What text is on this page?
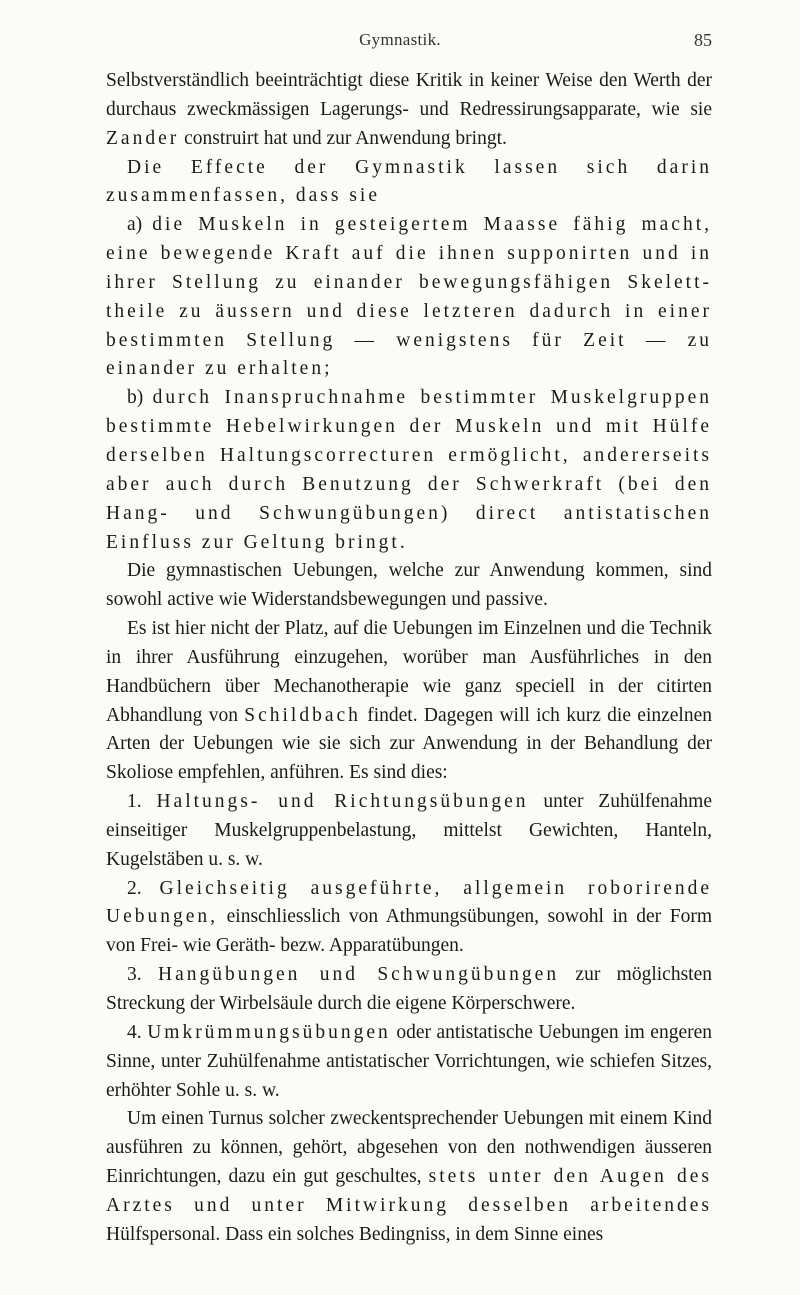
Gymnastik.	85

Selbstverständlich beeinträchtigt diese Kritik in keiner Weise den Werth der durchaus zweckmässigen Lagerungs- und Redressirungsapparate, wie sie Zander construirt hat und zur Anwendung bringt.

Die Effecte der Gymnastik lassen sich darin zusammenfassen, dass sie

a) die Muskeln in gesteigertem Maasse fähig macht, eine bewegende Kraft auf die ihnen supponirten und in ihrer Stellung zu einander bewegungsfähigen Skelett-theile zu äussern und diese letzteren dadurch in einer bestimmten Stellung — wenigstens für Zeit — zu einander zu erhalten;

b) durch Inanspruchnahme bestimmter Muskelgruppen bestimmte Hebelwirkungen der Muskeln und mit Hülfe derselben Haltungscorrecturen ermöglicht, andererseits aber auch durch Benutzung der Schwerkraft (bei den Hang- und Schwungübungen) direct antistatischen Einfluss zur Geltung bringt.

Die gymnastischen Uebungen, welche zur Anwendung kommen, sind sowohl active wie Widerstandsbewegungen und passive.

Es ist hier nicht der Platz, auf die Uebungen im Einzelnen und die Technik in ihrer Ausführung einzugehen, worüber man Ausführliches in den Handbüchern über Mechanotherapie wie ganz speciell in der citirten Abhandlung von Schildbach findet. Dagegen will ich kurz die einzelnen Arten der Uebungen wie sie sich zur Anwendung in der Behandlung der Skoliose empfehlen, anführen. Es sind dies:

1. Haltungs- und Richtungsübungen unter Zuhülfenahme einseitiger Muskelgruppenbelastung, mittelst Gewichten, Hanteln, Kugelstäben u. s. w.

2. Gleichseitig ausgeführte, allgemein roborirende Uebungen, einschliesslich von Athmungsübungen, sowohl in der Form von Frei- wie Geräth- bezw. Apparatübungen.

3. Hangübungen und Schwungübungen zur möglichsten Streckung der Wirbelsäule durch die eigene Körperschwere.

4. Umkrümmungsübungen oder antistatische Uebungen im engeren Sinne, unter Zuhülfenahme antistatischer Vorrichtungen, wie schiefen Sitzes, erhöhter Sohle u. s. w.

Um einen Turnus solcher zweckentsprechender Uebungen mit einem Kind ausführen zu können, gehört, abgesehen von den nothwendigen äusseren Einrichtungen, dazu ein gut geschultes, stets unter den Augen des Arztes und unter Mitwirkung desselben arbeitendes Hülfspersonal. Dass ein solches Bedingniss, in dem Sinne eines
